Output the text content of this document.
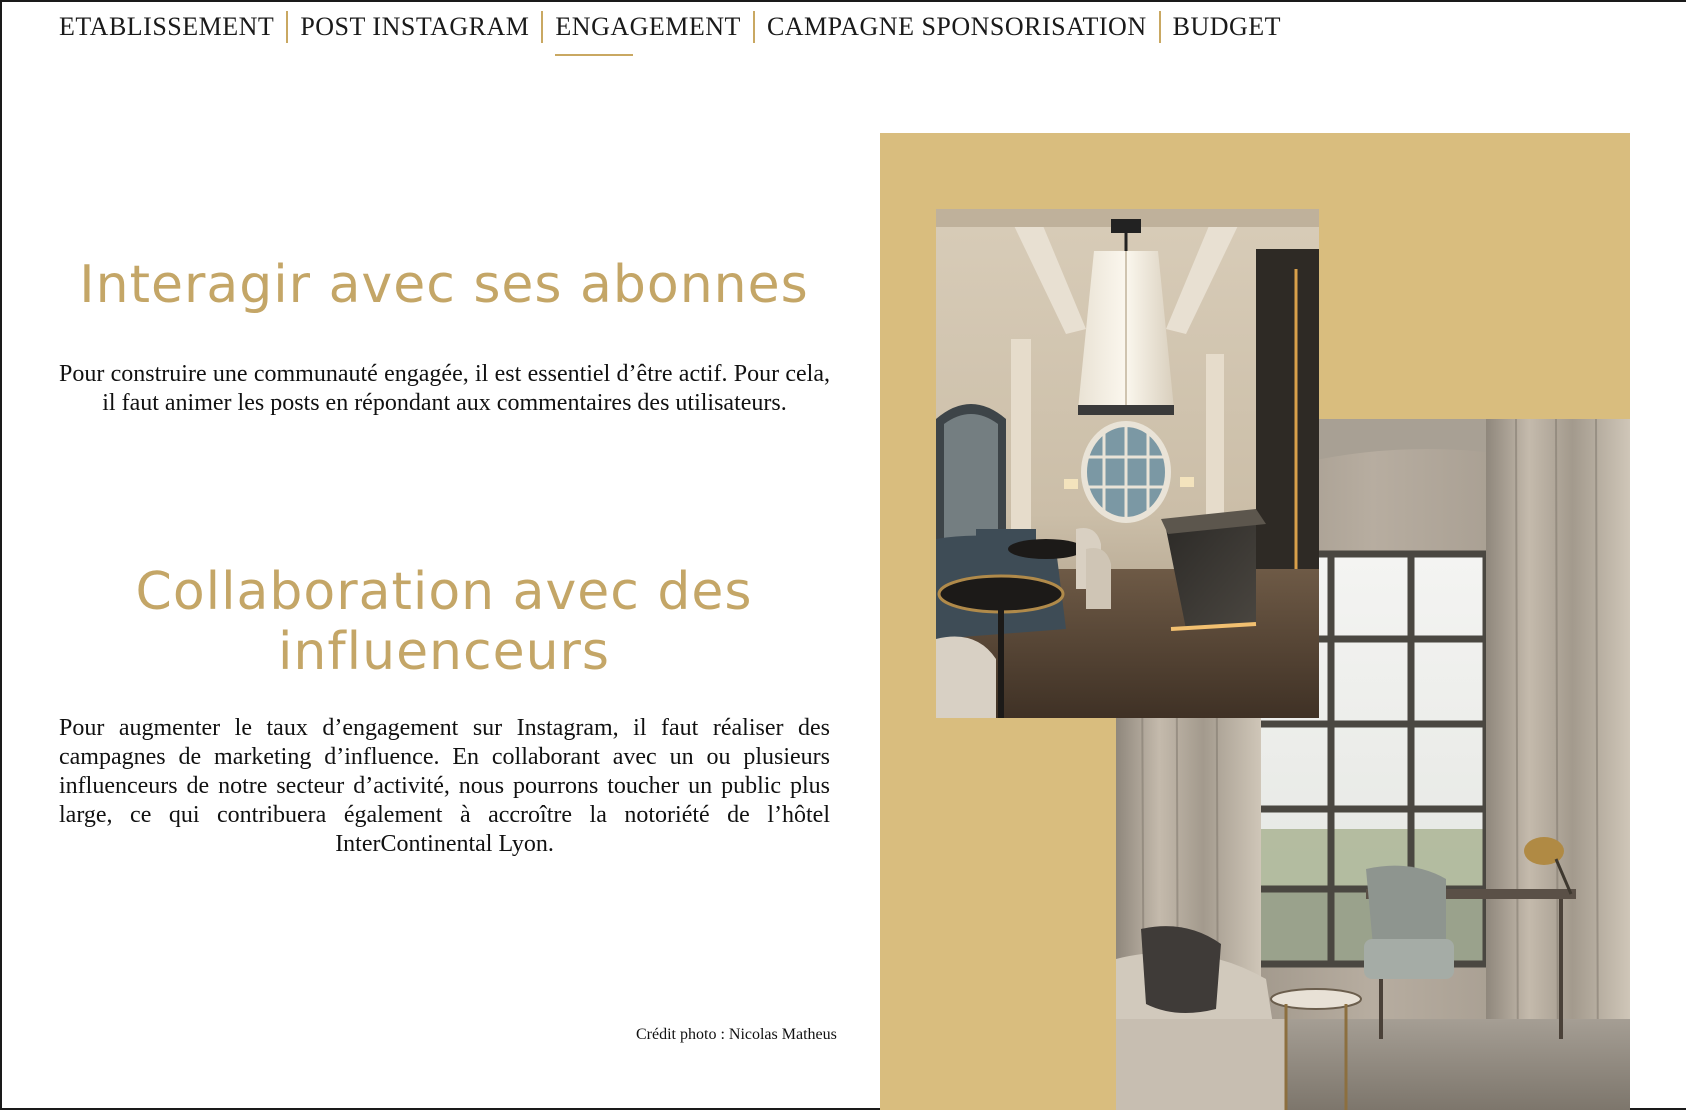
ETABLISSEMENT POST INSTAGRAM ENGAGEMENT CAMPAGNE SPONSORISATION BUDGET
Interagir avec ses abonnes

Pour construire une communauté engagée, il est essentiel d’être actif. Pour cela, il faut animer les posts en répondant aux commentaires des utilisateurs.

Collaboration avec des influenceurs

Pour augmenter le taux d’engagement sur Instagram, il faut réaliser des campagnes de marketing d’influence. En collaborant avec un ou plusieurs influenceurs de notre secteur d’activité, nous pourrons toucher un public plus large, ce qui contribuera également à accroître la notoriété de l’hôtel InterContinental Lyon.

Crédit photo : Nicolas Matheus
